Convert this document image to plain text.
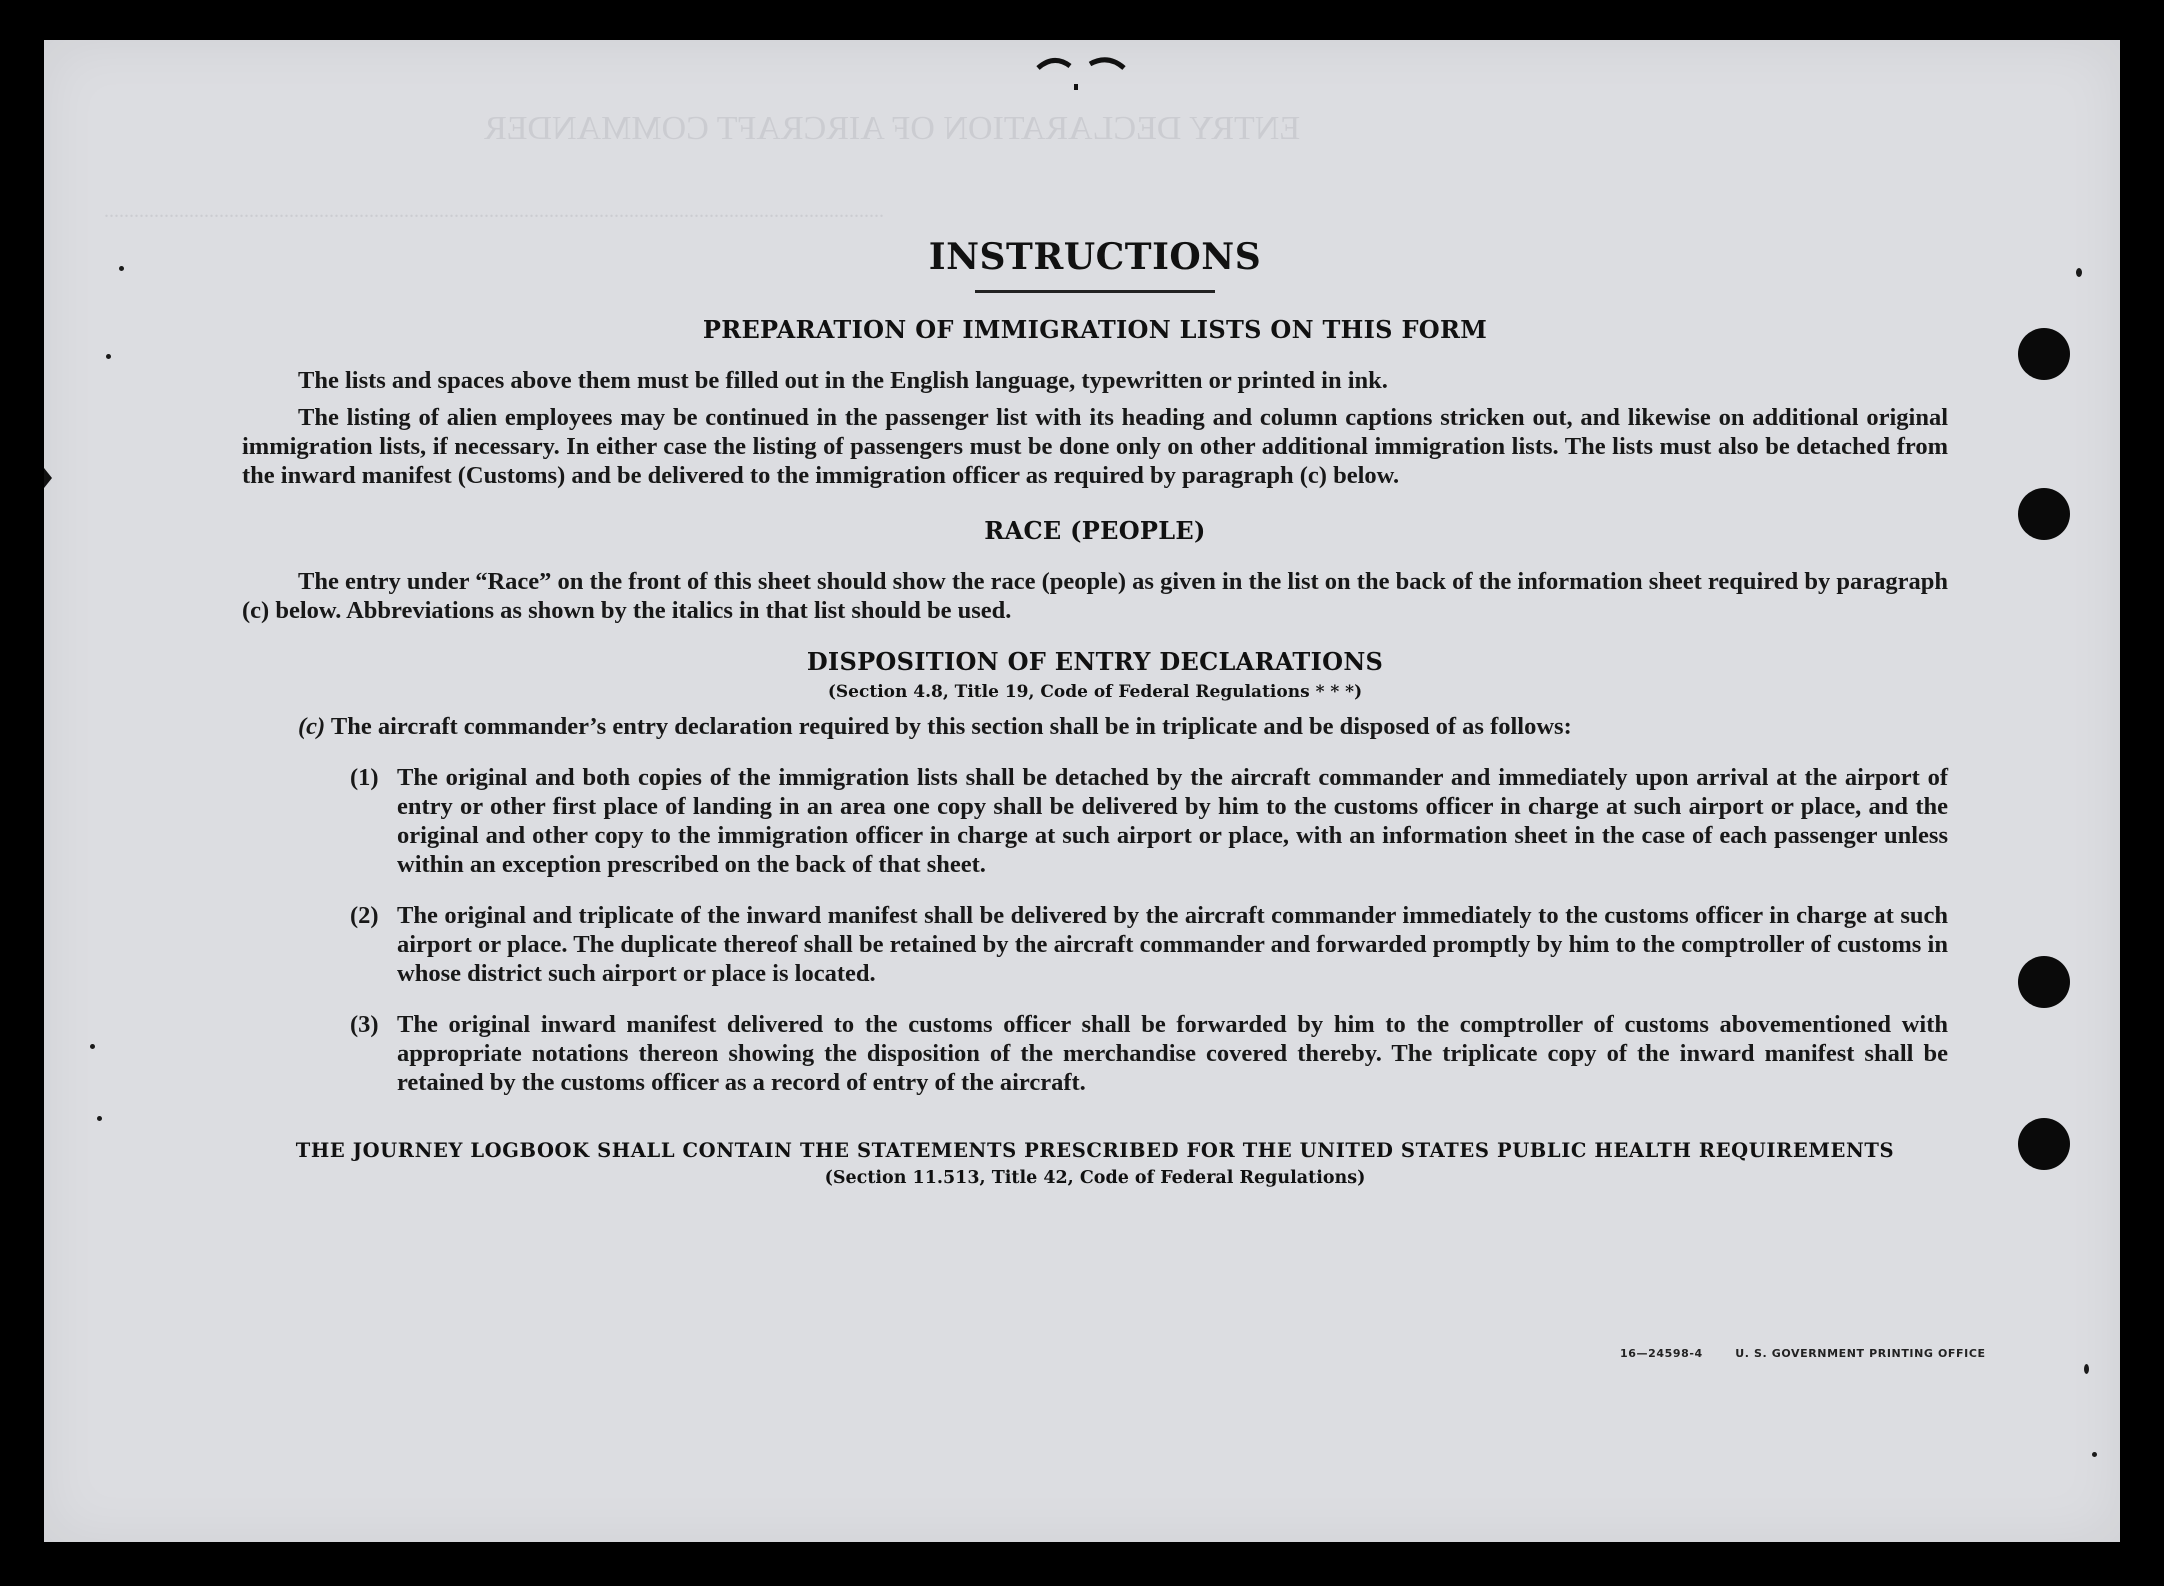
ENTRY DECLARATION OF AIRCRAFT COMMANDER
............................................................................................................................................................
INSTRUCTIONS
PREPARATION OF IMMIGRATION LISTS ON THIS FORM

The lists and spaces above them must be filled out in the English language, typewritten or printed in ink.

The listing of alien employees may be continued in the passenger list with its heading and column captions stricken out, and likewise on additional original immigration lists, if necessary. In either case the listing of passengers must be done only on other additional immigration lists. The lists must also be detached from the inward manifest (Customs) and be delivered to the immigration officer as required by paragraph (c) below.

RACE (PEOPLE)

The entry under “Race” on the front of this sheet should show the race (people) as given in the list on the back of the information sheet required by paragraph (c) below. Abbreviations as shown by the italics in that list should be used.

DISPOSITION OF ENTRY DECLARATIONS
(Section 4.8, Title 19, Code of Federal Regulations * * *)

(c) The aircraft commander’s entry declaration required by this section shall be in triplicate and be disposed of as follows:

(1) The original and both copies of the immigration lists shall be detached by the aircraft commander and immediately upon arrival at the airport of entry or other first place of landing in an area one copy shall be delivered by him to the customs officer in charge at such airport or place, and the original and other copy to the immigration officer in charge at such airport or place, with an information sheet in the case of each passenger unless within an exception prescribed on the back of that sheet.
(2) The original and triplicate of the inward manifest shall be delivered by the aircraft commander immediately to the customs officer in charge at such airport or place. The duplicate thereof shall be retained by the aircraft commander and forwarded promptly by him to the comptroller of customs in whose district such airport or place is located.
(3) The original inward manifest delivered to the customs officer shall be forwarded by him to the comptroller of customs abovementioned with appropriate notations thereon showing the disposition of the merchandise covered thereby. The triplicate copy of the inward manifest shall be retained by the customs officer as a record of entry of the aircraft.
THE JOURNEY LOGBOOK SHALL CONTAIN THE STATEMENTS PRESCRIBED FOR THE UNITED STATES PUBLIC HEALTH REQUIREMENTS
(Section 11.513, Title 42, Code of Federal Regulations)
16—24598-4	U. S. GOVERNMENT PRINTING OFFICE
